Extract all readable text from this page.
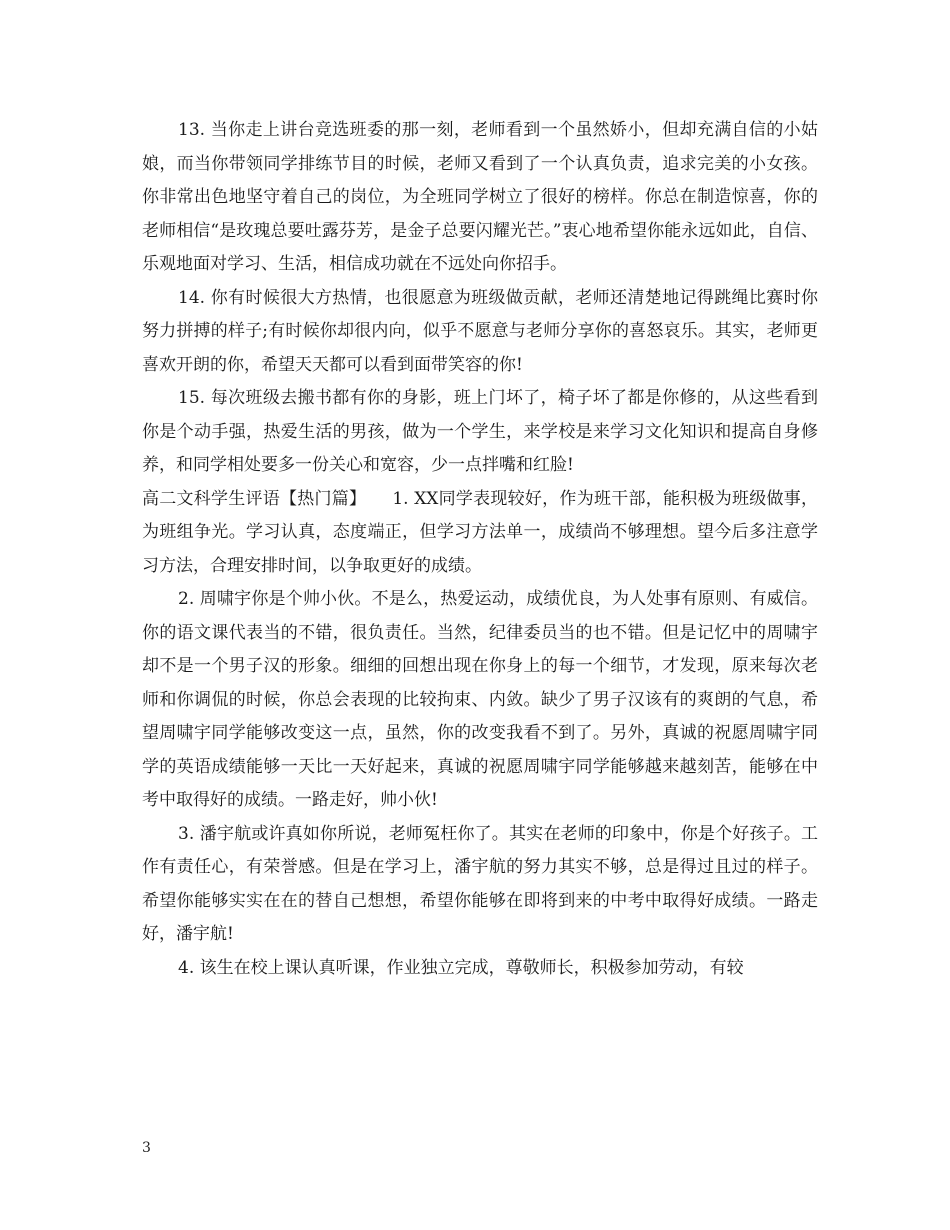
13. 当你走上讲台竞选班委的那一刻，老师看到一个虽然娇小，但却充满自信的小姑娘，而当你带领同学排练节目的时候，老师又看到了一个认真负责，追求完美的小女孩。你非常出色地坚守着自己的岗位，为全班同学树立了很好的榜样。你总在制造惊喜，你的老师相信“是玫瑰总要吐露芬芳，是金子总要闪耀光芒。”衷心地希望你能永远如此，自信、乐观地面对学习、生活，相信成功就在不远处向你招手。

14. 你有时候很大方热情，也很愿意为班级做贡献，老师还清楚地记得跳绳比赛时你努力拼搏的样子;有时候你却很内向，似乎不愿意与老师分享你的喜怒哀乐。其实，老师更喜欢开朗的你，希望天天都可以看到面带笑容的你!

15. 每次班级去搬书都有你的身影，班上门坏了，椅子坏了都是你修的，从这些看到你是个动手强，热爱生活的男孩，做为一个学生，来学校是来学习文化知识和提高自身修养，和同学相处要多一份关心和宽容，少一点拌嘴和红脸!

高二文科学生评语【热门篇】 1. XX同学表现较好，作为班干部，能积极为班级做事，为班组争光。学习认真，态度端正，但学习方法单一，成绩尚不够理想。望今后多注意学习方法，合理安排时间，以争取更好的成绩。

2. 周啸宇你是个帅小伙。不是么，热爱运动，成绩优良，为人处事有原则、有威信。你的语文课代表当的不错，很负责任。当然，纪律委员当的也不错。但是记忆中的周啸宇却不是一个男子汉的形象。细细的回想出现在你身上的每一个细节，才发现，原来每次老师和你调侃的时候，你总会表现的比较拘束、内敛。缺少了男子汉该有的爽朗的气息，希望周啸宇同学能够改变这一点，虽然，你的改变我看不到了。另外，真诚的祝愿周啸宇同学的英语成绩能够一天比一天好起来，真诚的祝愿周啸宇同学能够越来越刻苦，能够在中考中取得好的成绩。一路走好，帅小伙!

3. 潘宇航或许真如你所说，老师冤枉你了。其实在老师的印象中，你是个好孩子。工作有责任心，有荣誉感。但是在学习上，潘宇航的努力其实不够，总是得过且过的样子。希望你能够实实在在的替自己想想，希望你能够在即将到来的中考中取得好成绩。一路走好，潘宇航!

4. 该生在校上课认真听课，作业独立完成，尊敬师长，积极参加劳动，有较

3
